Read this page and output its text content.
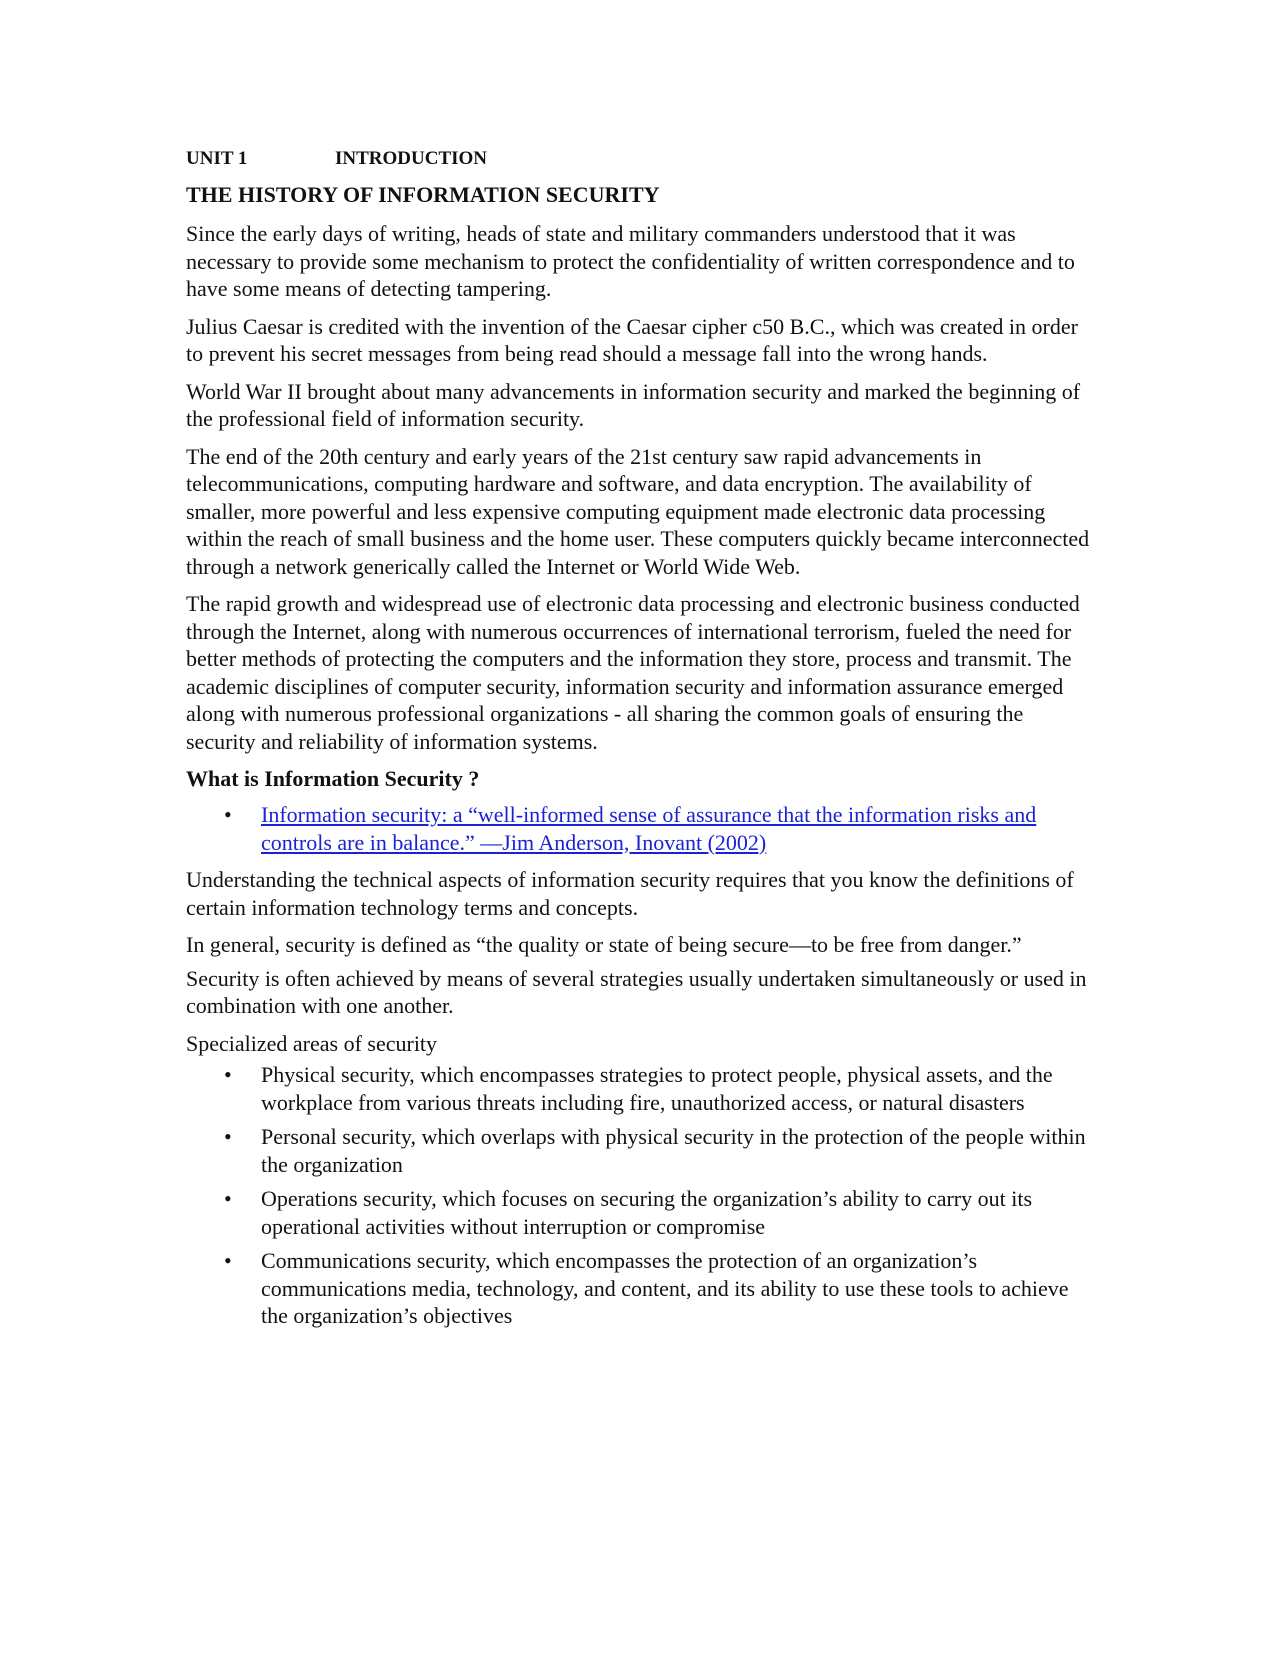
UNIT 1	INTRODUCTION
THE HISTORY OF INFORMATION SECURITY

Since the early days of writing, heads of state and military commanders understood that it was necessary to provide some mechanism to protect the confidentiality of written correspondence and to have some means of detecting tampering.

Julius Caesar is credited with the invention of the Caesar cipher c50 B.C., which was created in order to prevent his secret messages from being read should a message fall into the wrong hands.

World War II brought about many advancements in information security and marked the beginning of the professional field of information security.

The end of the 20th century and early years of the 21st century saw rapid advancements in telecommunications, computing hardware and software, and data encryption. The availability of smaller, more powerful and less expensive computing equipment made electronic data processing within the reach of small business and the home user. These computers quickly became interconnected through a network generically called the Internet or World Wide Web.

The rapid growth and widespread use of electronic data processing and electronic business conducted through the Internet, along with numerous occurrences of international terrorism, fueled the need for better methods of protecting the computers and the information they store, process and transmit. The academic disciplines of computer security, information security and information assurance emerged along with numerous professional organizations - all sharing the common goals of ensuring the security and reliability of information systems.

What is Information Security ?
• Information security: a “well-informed sense of assurance that the information risks and controls are in balance.” —Jim Anderson, Inovant (2002)

Understanding the technical aspects of information security requires that you know the definitions of certain information technology terms and concepts.

In general, security is defined as “the quality or state of being secure—to be free from danger.”

Security is often achieved by means of several strategies usually undertaken simultaneously or used in combination with one another.

Specialized areas of security

• Physical security, which encompasses strategies to protect people, physical assets, and the workplace from various threats including fire, unauthorized access, or natural disasters
• Personal security, which overlaps with physical security in the protection of the people within the organization
• Operations security, which focuses on securing the organization’s ability to carry out its operational activities without interruption or compromise
• Communications security, which encompasses the protection of an organization’s communications media, technology, and content, and its ability to use these tools to achieve the organization’s objectives
